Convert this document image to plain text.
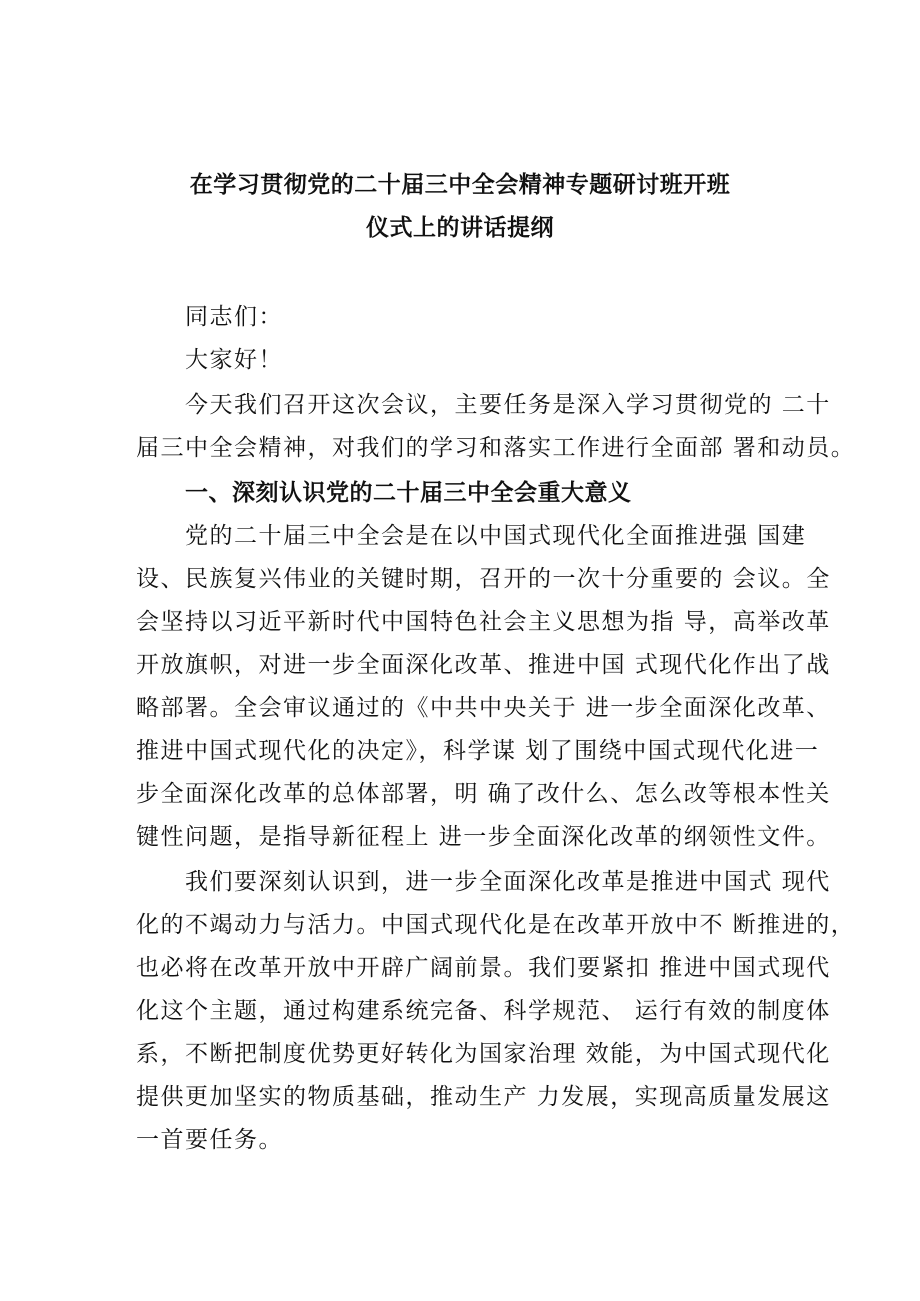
在学习贯彻党的二十届三中全会精神专题研讨班开班
仪式上的讲话提纲
同志们：
大家好！
今天我们召开这次会议，主要任务是深入学习贯彻党的 二十
届三中全会精神，对我们的学习和落实工作进行全面部 署和动员。
一、深刻认识党的二十届三中全会重大意义
党的二十届三中全会是在以中国式现代化全面推进强 国建
设、民族复兴伟业的关键时期，召开的一次十分重要的 会议。全
会坚持以习近平新时代中国特色社会主义思想为指 导，高举改革
开放旗帜，对进一步全面深化改革、推进中国 式现代化作出了战
略部署。全会审议通过的《中共中央关于 进一步全面深化改革、
推进中国式现代化的决定》，科学谋 划了围绕中国式现代化进一
步全面深化改革的总体部署，明 确了改什么、怎么改等根本性关
键性问题，是指导新征程上 进一步全面深化改革的纲领性文件。
我们要深刻认识到，进一步全面深化改革是推进中国式 现代
化的不竭动力与活力。中国式现代化是在改革开放中不 断推进的，
也必将在改革开放中开辟广阔前景。我们要紧扣 推进中国式现代
化这个主题，通过构建系统完备、科学规范、 运行有效的制度体
系，不断把制度优势更好转化为国家治理 效能，为中国式现代化
提供更加坚实的物质基础，推动生产 力发展，实现高质量发展这
一首要任务。
